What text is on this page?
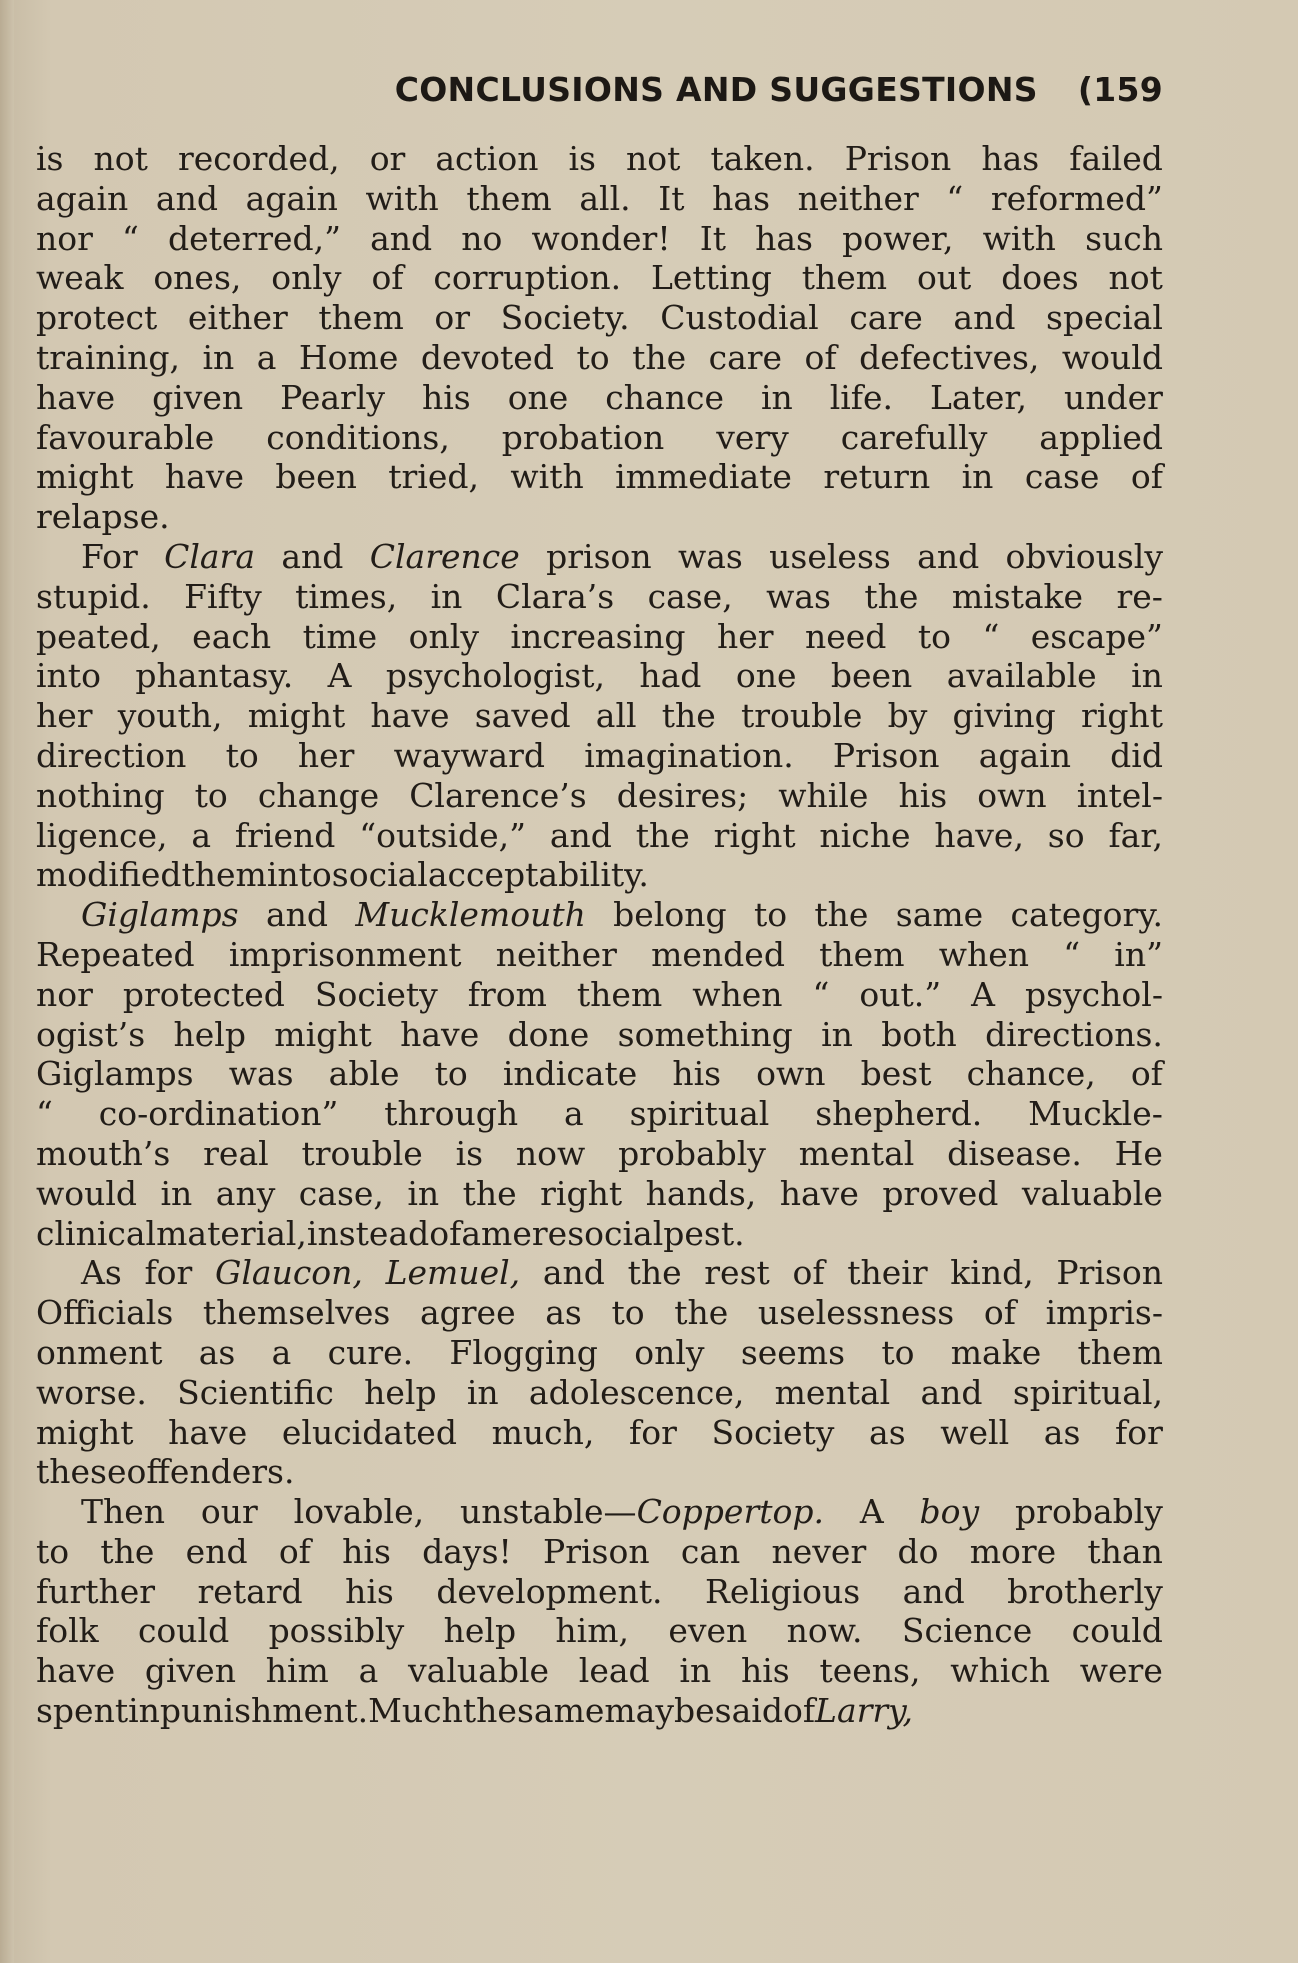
CONCLUSIONS AND SUGGESTIONS (159
is not recorded, or action is not taken. Prison has failed
again and again with them all. It has neither “ reformed”
nor “ deterred,” and no wonder! It has power, with such
weak ones, only of corruption. Letting them out does not
protect either them or Society. Custodial care and special
training, in a Home devoted to the care of defectives, would
have given Pearly his one chance in life. Later, under
favourable conditions, probation very carefully applied
might have been tried, with immediate return in case of
relapse.
For Clara and Clarence prison was useless and obviously
stupid. Fifty times, in Clara’s case, was the mistake re-
peated, each time only increasing her need to “ escape”
into phantasy. A psychologist, had one been available in
her youth, might have saved all the trouble by giving right
direction to her wayward imagination. Prison again did
nothing to change Clarence’s desires; while his own intel-
ligence, a friend “outside,” and the right niche have, so far,
modified them into social acceptability.
Giglamps and Mucklemouth belong to the same category.
Repeated imprisonment neither mended them when “ in”
nor protected Society from them when “ out.” A psychol-
ogist’s help might have done something in both directions.
Giglamps was able to indicate his own best chance, of
“ co-ordination” through a spiritual shepherd. Muckle-
mouth’s real trouble is now probably mental disease. He
would in any case, in the right hands, have proved valuable
clinical material, instead of a mere social pest.
As for Glaucon, Lemuel, and the rest of their kind, Prison
Officials themselves agree as to the uselessness of impris-
onment as a cure. Flogging only seems to make them
worse. Scientific help in adolescence, mental and spiritual,
might have elucidated much, for Society as well as for
these offenders.
Then our lovable, unstable—Coppertop. A boy probably
to the end of his days! Prison can never do more than
further retard his development. Religious and brotherly
folk could possibly help him, even now. Science could
have given him a valuable lead in his teens, which were
spent in punishment. Much the same may be said of Larry,
